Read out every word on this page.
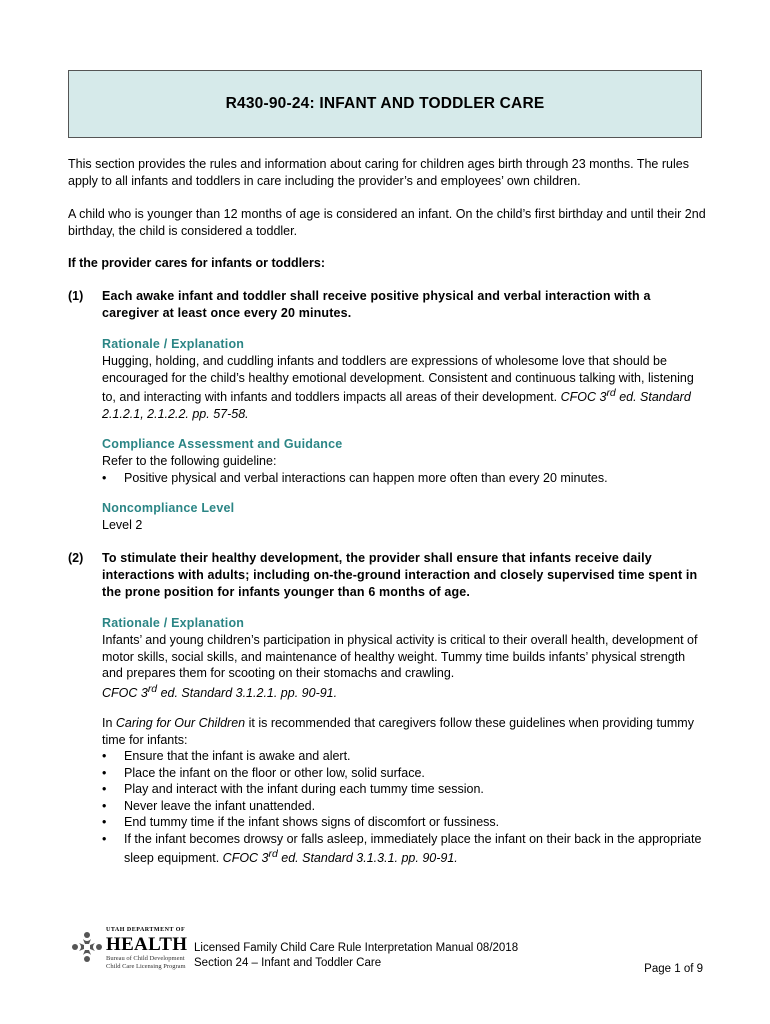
R430-90-24: INFANT AND TODDLER CARE
This section provides the rules and information about caring for children ages birth through 23 months. The rules apply to all infants and toddlers in care including the provider’s and employees’ own children.
A child who is younger than 12 months of age is considered an infant. On the child’s first birthday and until their 2nd birthday, the child is considered a toddler.
If the provider cares for infants or toddlers:
(1) Each awake infant and toddler shall receive positive physical and verbal interaction with a caregiver at least once every 20 minutes.
Rationale / Explanation
Hugging, holding, and cuddling infants and toddlers are expressions of wholesome love that should be encouraged for the child’s healthy emotional development. Consistent and continuous talking with, listening to, and interacting with infants and toddlers impacts all areas of their development. CFOC 3rd ed. Standard 2.1.2.1, 2.1.2.2. pp. 57-58.
Compliance Assessment and Guidance
Refer to the following guideline:
• Positive physical and verbal interactions can happen more often than every 20 minutes.
Noncompliance Level
Level 2
(2) To stimulate their healthy development, the provider shall ensure that infants receive daily interactions with adults; including on-the-ground interaction and closely supervised time spent in the prone position for infants younger than 6 months of age.
Rationale / Explanation
Infants’ and young children’s participation in physical activity is critical to their overall health, development of motor skills, social skills, and maintenance of healthy weight. Tummy time builds infants’ physical strength and prepares them for scooting on their stomachs and crawling.
CFOC 3rd ed. Standard 3.1.2.1. pp. 90-91.
In Caring for Our Children it is recommended that caregivers follow these guidelines when providing tummy time for infants:
• Ensure that the infant is awake and alert.
• Place the infant on the floor or other low, solid surface.
• Play and interact with the infant during each tummy time session.
• Never leave the infant unattended.
• End tummy time if the infant shows signs of discomfort or fussiness.
• If the infant becomes drowsy or falls asleep, immediately place the infant on their back in the appropriate sleep equipment. CFOC 3rd ed. Standard 3.1.3.1. pp. 90-91.
UTAH DEPARTMENT OF
HEALTH
Bureau of Child Development
Child Care Licensing Program
Licensed Family Child Care Rule Interpretation Manual 08/2018
Section 24 – Infant and Toddler Care	Page 1 of 9
